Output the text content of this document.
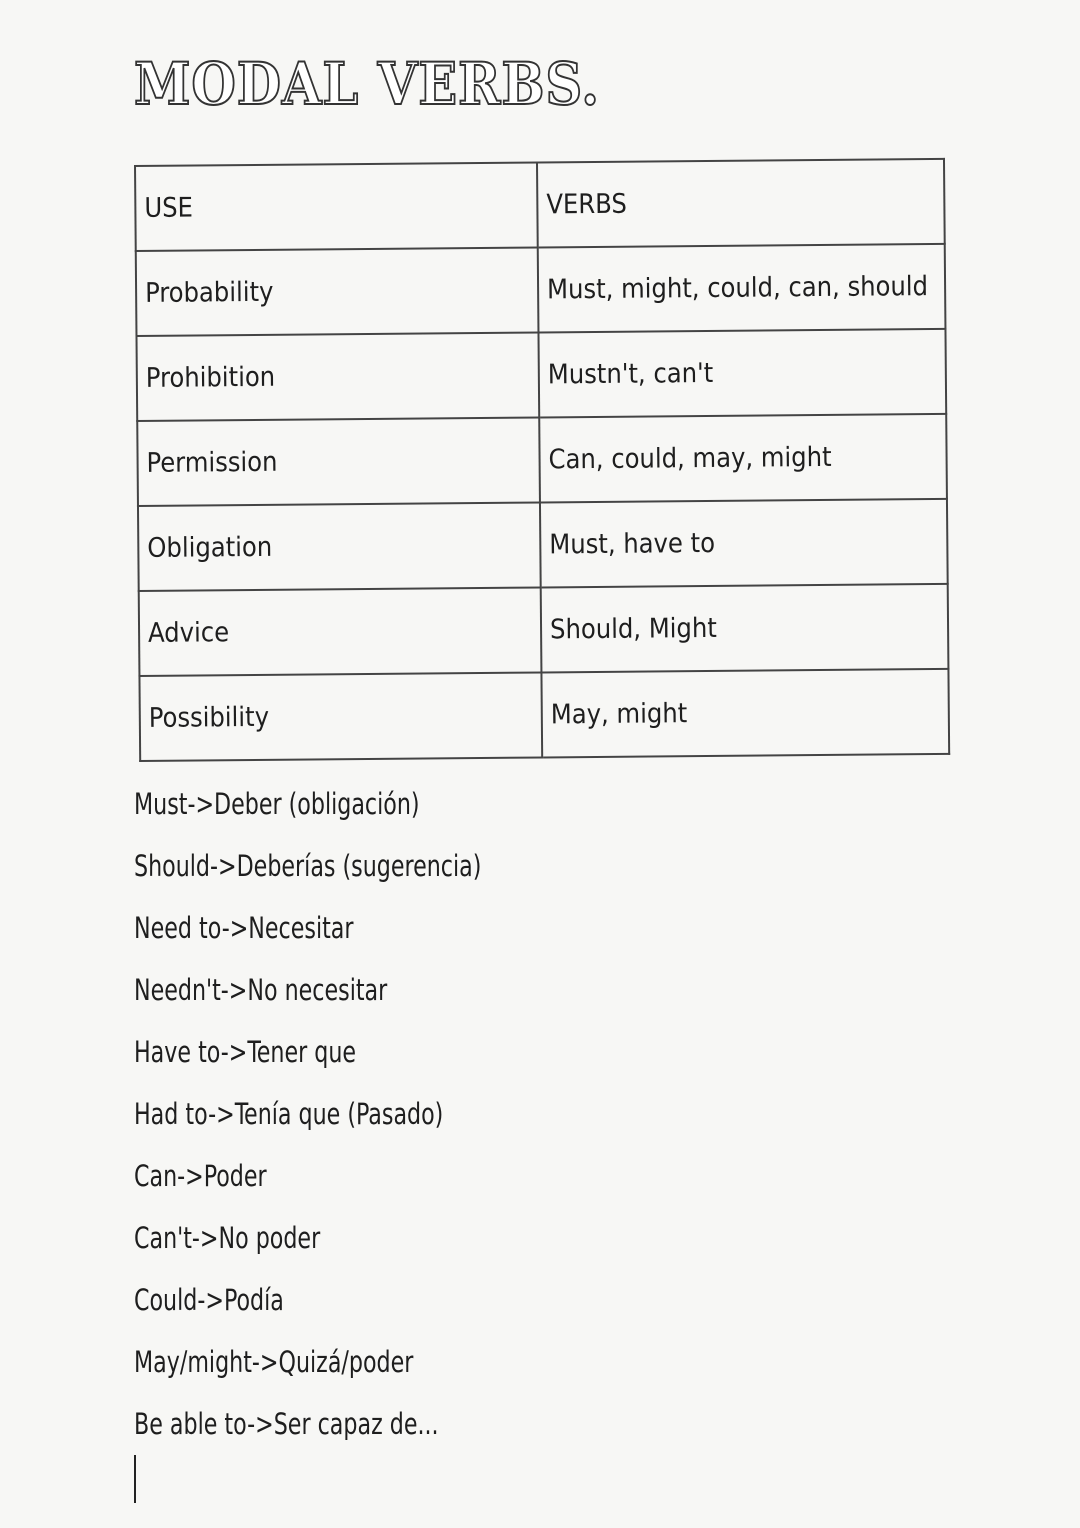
MODAL VERBS.
USE	VERBS
Probability	Must, might, could, can, should
Prohibition	Mustn't, can't
Permission	Can, could, may, might
Obligation	Must, have to
Advice	Should, Might
Possibility	May, might
Must->Deber (obligación)
Should->Deberías (sugerencia)
Need to->Necesitar
Needn't->No necesitar
Have to->Tener que
Had to->Tenía que (Pasado)
Can->Poder
Can't->No poder
Could->Podía
May/might->Quizá/poder
Be able to->Ser capaz de...
